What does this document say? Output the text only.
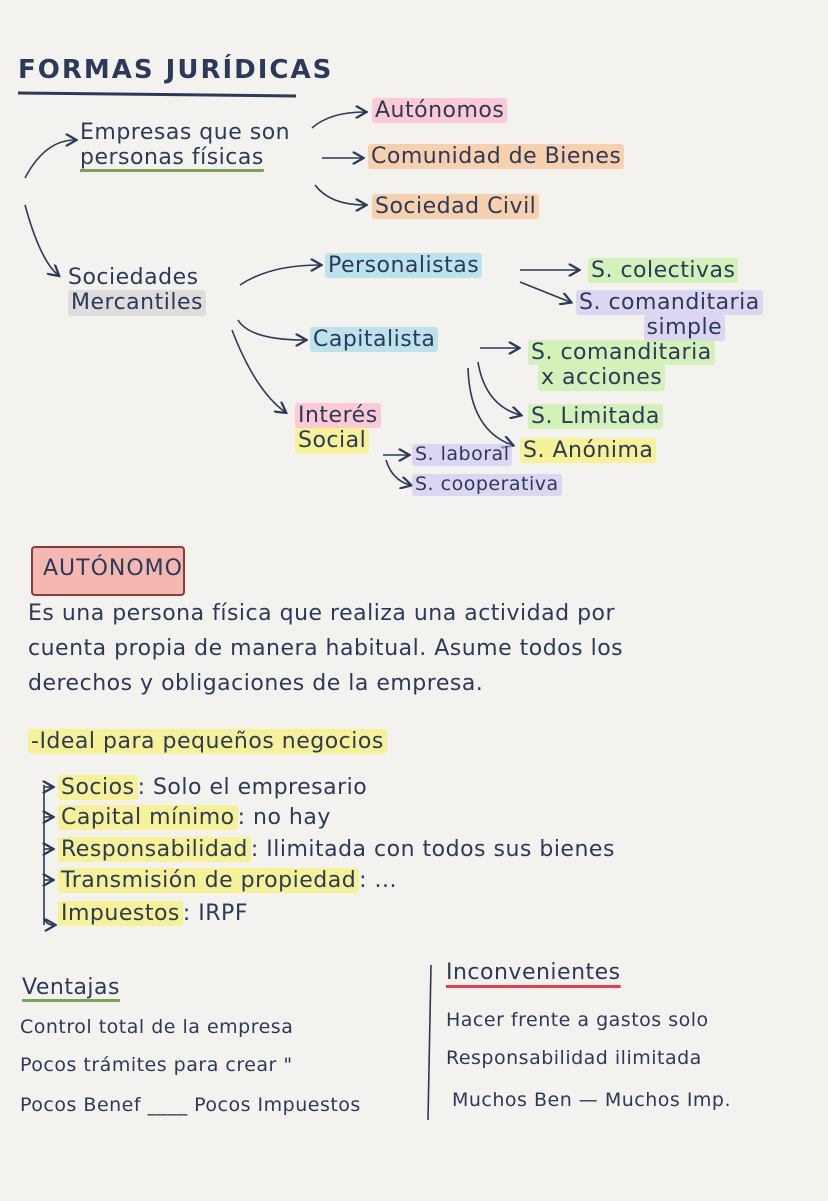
FORMAS JURÍDICAS
Empresas que son
personas físicas
Autónomos
Comunidad de Bienes
Sociedad Civil
Sociedades
Mercantiles
Personalistas	S. colectivas
S. comanditaria
simple
Capitalista
S. comanditaria
x acciones
S. Limitada
S. Anónima
Interés
Social
S. laboral
S. cooperativa
AUTÓNOMO
Es una persona física que realiza una actividad por
cuenta propia de manera habitual. Asume todos los
derechos y obligaciones de la empresa.
-Ideal para pequeños negocios
Socios : Solo el empresario
Capital mínimo : no hay
Responsabilidad : Ilimitada con todos sus bienes
Transmisión de propiedad : ...
Impuestos : IRPF
Ventajas
Control total de la empresa
Pocos trámites para crear "
Pocos Benef ____ Pocos Impuestos
Inconvenientes
Hacer frente a gastos solo
Responsabilidad ilimitada
Muchos Ben — Muchos Imp.
